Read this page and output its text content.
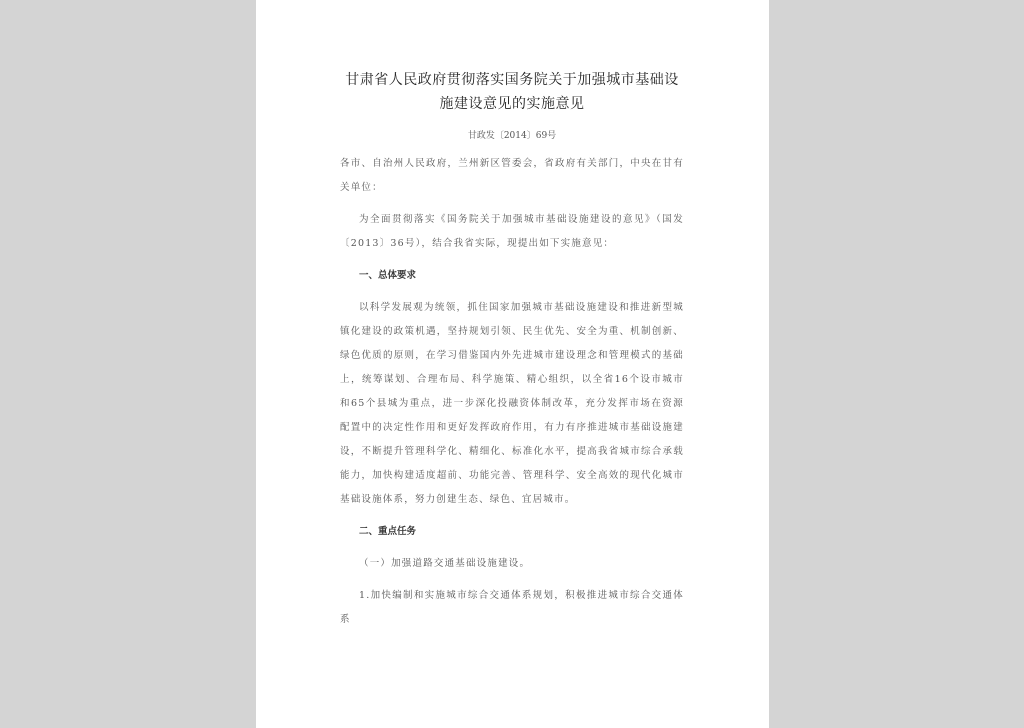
甘肃省人民政府贯彻落实国务院关于加强城市基础设
施建设意见的实施意见

甘政发〔2014〕69号

各市、自治州人民政府，兰州新区管委会，省政府有关部门，中央在甘有关单位：

为全面贯彻落实《国务院关于加强城市基础设施建设的意见》（国发〔2013〕36号），结合我省实际，现提出如下实施意见：

一、总体要求

以科学发展观为统领，抓住国家加强城市基础设施建设和推进新型城镇化建设的政策机遇，坚持规划引领、民生优先、安全为重、机制创新、绿色优质的原则，在学习借鉴国内外先进城市建设理念和管理模式的基础上，统筹谋划、合理布局、科学施策、精心组织，以全省16个设市城市和65个县城为重点，进一步深化投融资体制改革，充分发挥市场在资源配置中的决定性作用和更好发挥政府作用，有力有序推进城市基础设施建设，不断提升管理科学化、精细化、标准化水平，提高我省城市综合承载能力，加快构建适度超前、功能完善、管理科学、安全高效的现代化城市基础设施体系，努力创建生态、绿色、宜居城市。

二、重点任务

（一）加强道路交通基础设施建设。

1.加快编制和实施城市综合交通体系规划，积极推进城市综合交通体系
